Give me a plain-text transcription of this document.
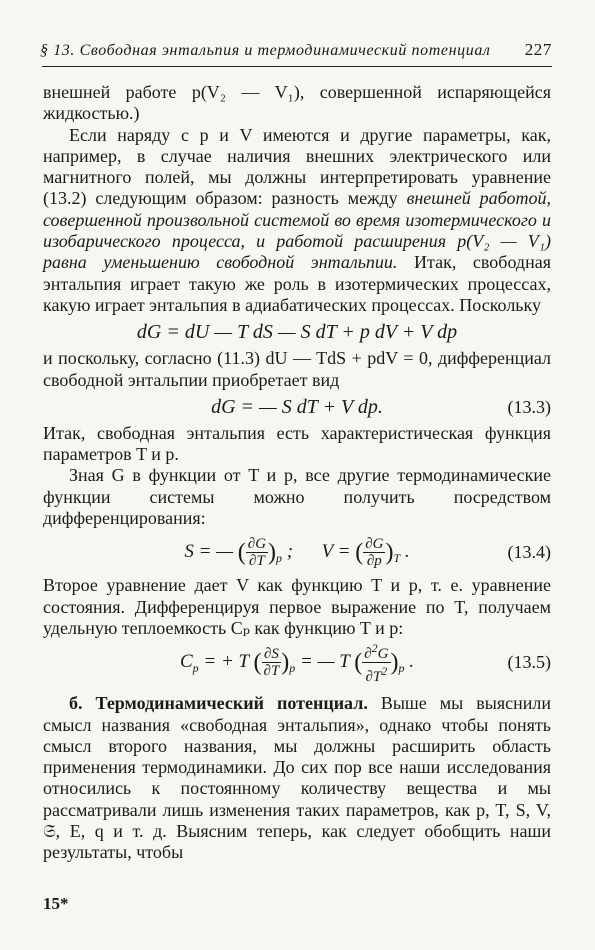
§ 13. Свободная энтальпия и термодинамический потенциал 227

внешней работе p(V₂ — V₁), совершенной испаряющейся жидкостью.)

Если наряду с p и V имеются и другие параметры, как, например, в случае наличия внешних электрического или магнитного полей, мы должны интерпретировать уравнение (13.2) следующим образом: разность между внешней работой, совершенной произвольной системой во время изотермического и изобарического процесса, и работой расширения p(V₂ — V₁) равна уменьшению свободной энтальпии. Итак, свободная энтальпия играет такую же роль в изотермических процессах, какую играет энтальпия в адиабатических процессах. Поскольку

dG = dU — T dS — S dT + p dV + V dp

и поскольку, согласно (11.3) dU — TdS + pdV = 0, дифференциал свободной энтальпии приобретает вид

dG = — S dT + V dp.	(13.3)

Итак, свободная энтальпия есть характеристическая функция параметров T и p.

Зная G в функции от T и p, все другие термодинамические функции системы можно получить посредством дифференцирования:

S = — ( $\frac{\partial G}{\partial T} )_p$ ;      V = ( $\frac{\partial G}{\partial p} )_T$ .	(13.4)

Второе уравнение дает V как функцию T и p, т. е. уравнение состояния. Дифференцируя первое выражение по T, получаем удельную теплоемкость Cₚ как функцию T и p:

$C_p$ = + T ( $\frac{\partial S}{\partial T} )_p$ = — T ( $\frac{\partial^2G}{\partial T^2} )_p$ .	(13.5)

б. Термодинамический потенциал. Выше мы выяснили смысл названия «свободная энтальпия», однако чтобы понять смысл второго названия, мы должны расширить область применения термодинамики. До сих пор все наши исследования относились к постоянному количеству вещества и мы рассматривали лишь изменения таких параметров, как p, T, S, V, 𝔖, E, q и т. д. Выясним теперь, как следует обобщить наши результаты, чтобы

15*
